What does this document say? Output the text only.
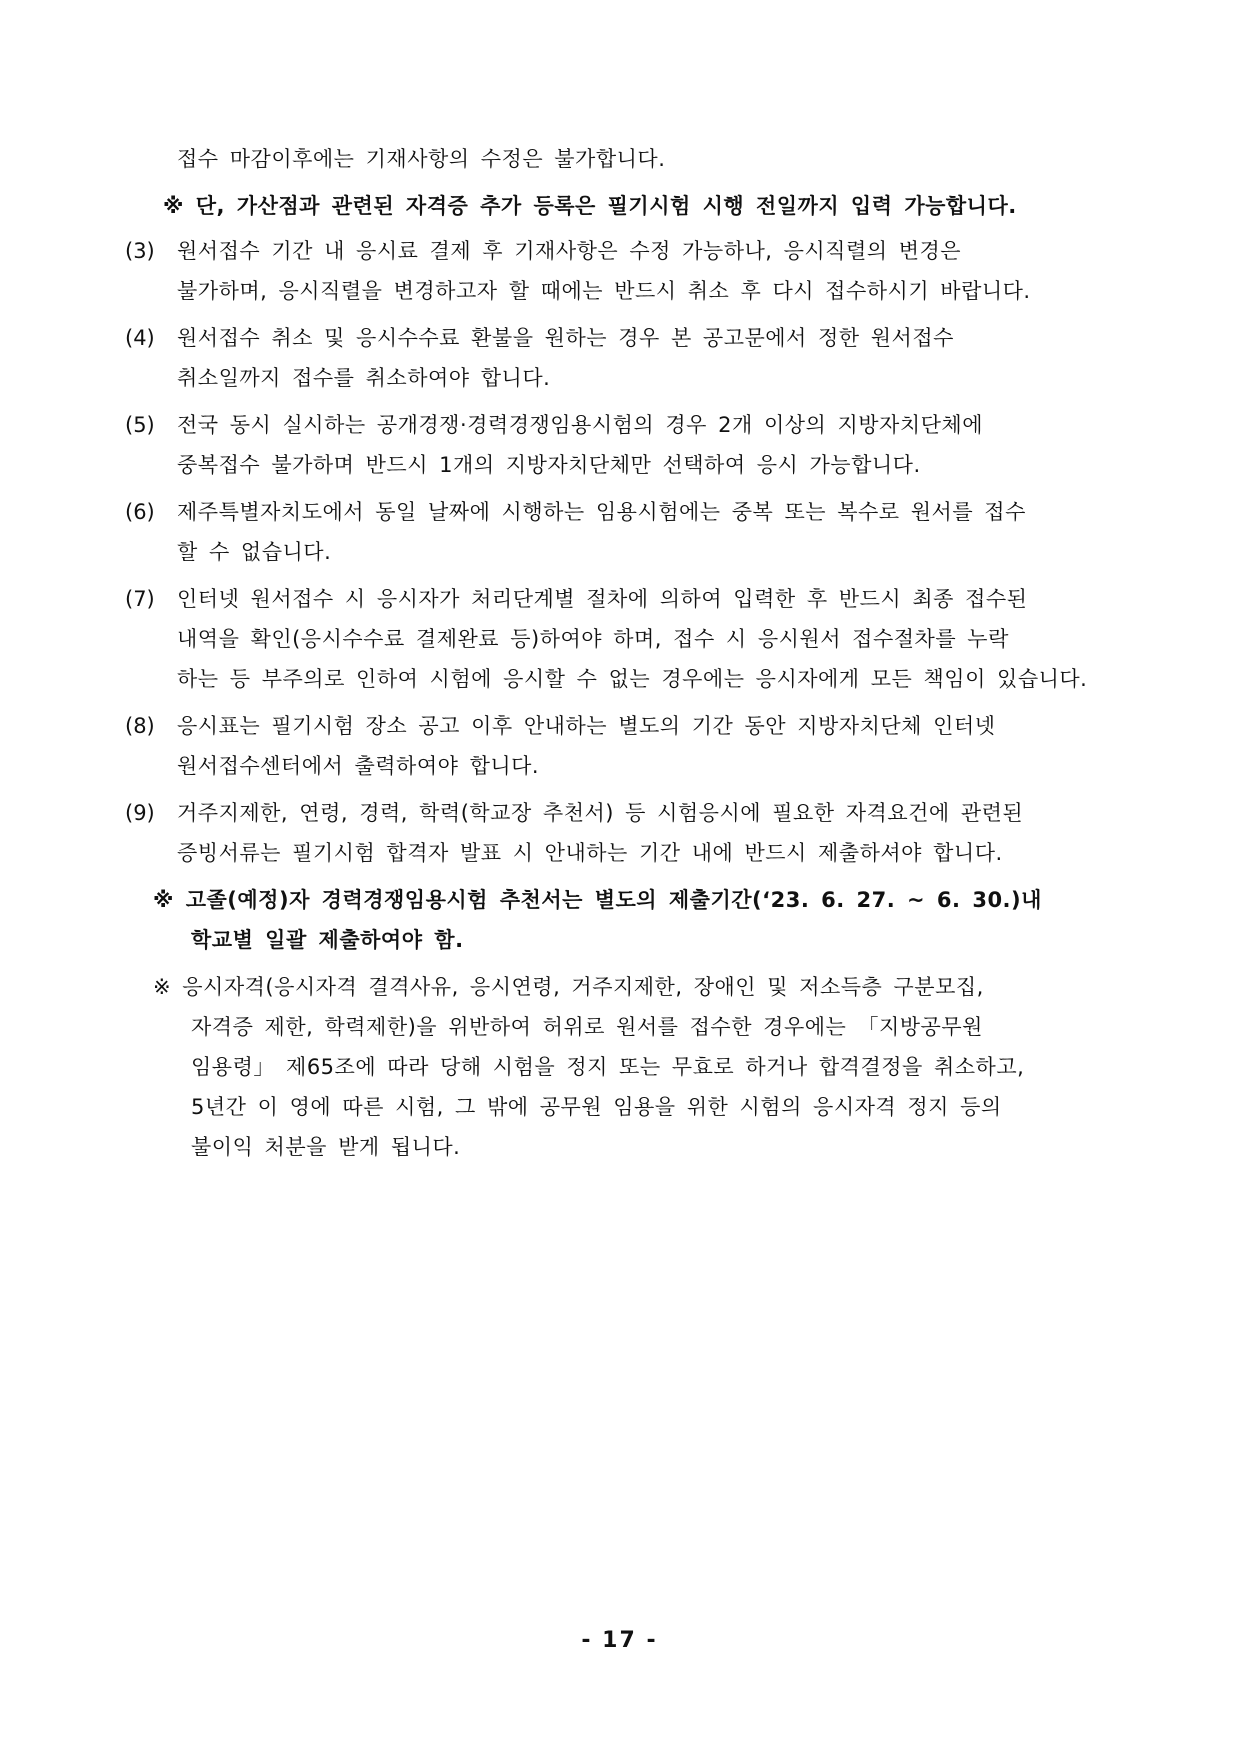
접수 마감이후에는 기재사항의 수정은 불가합니다.
※ 단, 가산점과 관련된 자격증 추가 등록은 필기시험 시행 전일까지 입력 가능합니다.
(3) 원서접수 기간 내 응시료 결제 후 기재사항은 수정 가능하나, 응시직렬의 변경은
불가하며, 응시직렬을 변경하고자 할 때에는 반드시 취소 후 다시 접수하시기 바랍니다.
(4) 원서접수 취소 및 응시수수료 환불을 원하는 경우 본 공고문에서 정한 원서접수
취소일까지 접수를 취소하여야 합니다.
(5) 전국 동시 실시하는 공개경쟁·경력경쟁임용시험의 경우 2개 이상의 지방자치단체에
중복접수 불가하며 반드시 1개의 지방자치단체만 선택하여 응시 가능합니다.
(6) 제주특별자치도에서 동일 날짜에 시행하는 임용시험에는 중복 또는 복수로 원서를 접수
할 수 없습니다.
(7) 인터넷 원서접수 시 응시자가 처리단계별 절차에 의하여 입력한 후 반드시 최종 접수된
내역을 확인(응시수수료 결제완료 등)하여야 하며, 접수 시 응시원서 접수절차를 누락
하는 등 부주의로 인하여 시험에 응시할 수 없는 경우에는 응시자에게 모든 책임이 있습니다.
(8) 응시표는 필기시험 장소 공고 이후 안내하는 별도의 기간 동안 지방자치단체 인터넷
원서접수센터에서 출력하여야 합니다.
(9) 거주지제한, 연령, 경력, 학력(학교장 추천서) 등 시험응시에 필요한 자격요건에 관련된
증빙서류는 필기시험 합격자 발표 시 안내하는 기간 내에 반드시 제출하셔야 합니다.
※ 고졸(예정)자 경력경쟁임용시험 추천서는 별도의 제출기간(‘23. 6. 27. ~ 6. 30.)내
학교별 일괄 제출하여야 함.
※ 응시자격(응시자격 결격사유, 응시연령, 거주지제한, 장애인 및 저소득층 구분모집,
자격증 제한, 학력제한)을 위반하여 허위로 원서를 접수한 경우에는 「지방공무원
임용령」 제65조에 따라 당해 시험을 정지 또는 무효로 하거나 합격결정을 취소하고,
5년간 이 영에 따른 시험, 그 밖에 공무원 임용을 위한 시험의 응시자격 정지 등의
불이익 처분을 받게 됩니다.
- 17 -
